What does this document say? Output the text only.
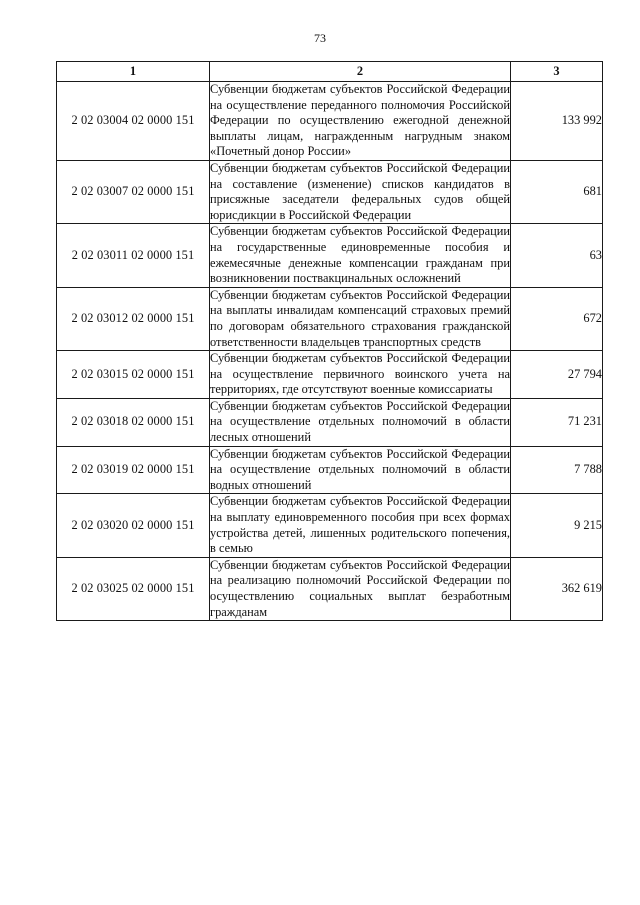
73
1	2	3
2 02 03004 02 0000 151	Субвенции бюджетам субъектов Российской Федерации на осуществление переданного полномочия Российской Федерации по осуществлению ежегодной денежной выплаты лицам, награжденным нагрудным знаком «Почетный донор России»	133 992
2 02 03007 02 0000 151	Субвенции бюджетам субъектов Российской Федерации на составление (изменение) списков кандидатов в присяжные заседатели федеральных судов общей юрисдикции в Российской Федерации	681
2 02 03011 02 0000 151	Субвенции бюджетам субъектов Российской Федерации на государственные единовременные пособия и ежемесячные денежные компенсации гражданам при возникновении поствакцинальных осложнений	63
2 02 03012 02 0000 151	Субвенции бюджетам субъектов Российской Федерации на выплаты инвалидам компенсаций страховых премий по договорам обязательного страхования гражданской ответственности владельцев транспортных средств	672
2 02 03015 02 0000 151	Субвенции бюджетам субъектов Российской Федерации на осуществление первичного воинского учета на территориях, где отсутствуют военные комиссариаты	27 794
2 02 03018 02 0000 151	Субвенции бюджетам субъектов Российской Федерации на осуществление отдельных полномочий в области лесных отношений	71 231
2 02 03019 02 0000 151	Субвенции бюджетам субъектов Российской Федерации на осуществление отдельных полномочий в области водных отношений	7 788
2 02 03020 02 0000 151	Субвенции бюджетам субъектов Российской Федерации на выплату единовременного пособия при всех формах устройства детей, лишенных родительского попечения, в семью	9 215
2 02 03025 02 0000 151	Субвенции бюджетам субъектов Российской Федерации на реализацию полномочий Российской Федерации по осуществлению социальных выплат безработным гражданам	362 619
